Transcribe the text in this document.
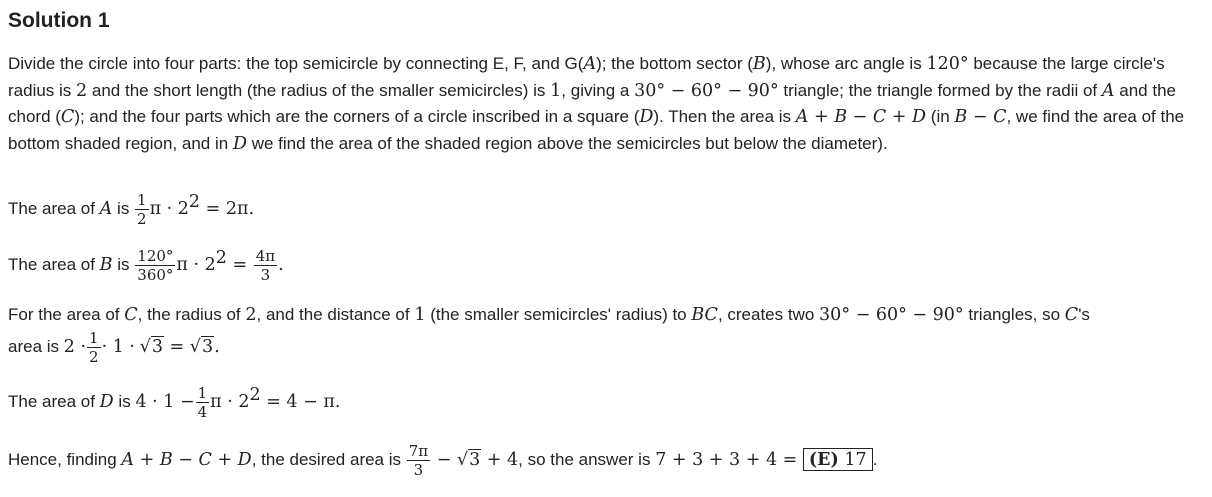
Solution 1
Divide the circle into four parts: the top semicircle by connecting E, F, and G(A); the bottom sector (B), whose arc angle is 120° because the large circle's radius is 2 and the short length (the radius of the smaller semicircles) is 1, giving a 30° − 60° − 90° triangle; the triangle formed by the radii of A and the chord (C); and the four parts which are the corners of a circle inscribed in a square (D). Then the area is A + B − C + D (in B − C, we find the area of the bottom shaded region, and in D we find the area of the shaded region above the semicircles but below the diameter).
The area of A is $\frac{1}{2}$ $\pi \cdot 2^2 = 2\pi$.
The area of B is $\frac{120^\circ}{360^\circ}$ $\pi \cdot 2^2 = \frac{4\pi}{3}$ .
For the area of C, the radius of 2, and the distance of 1 (the smaller semicircles' radius) to BC, creates two 30° − 60° − 90° triangles, so C's
area is $2 \cdot \frac{1}{2} \cdot 1 \cdot √3 = √3$.
The area of D is $4 \cdot 1 - \frac{1}{4}$ $\pi \cdot 2^2 = 4 - \pi$.
Hence, finding A + B − C + D, the desired area is $\frac{7\pi}{3} - √3 + 4$, so the answer is 7 + 3 + 3 + 4 = (E) 17 .
